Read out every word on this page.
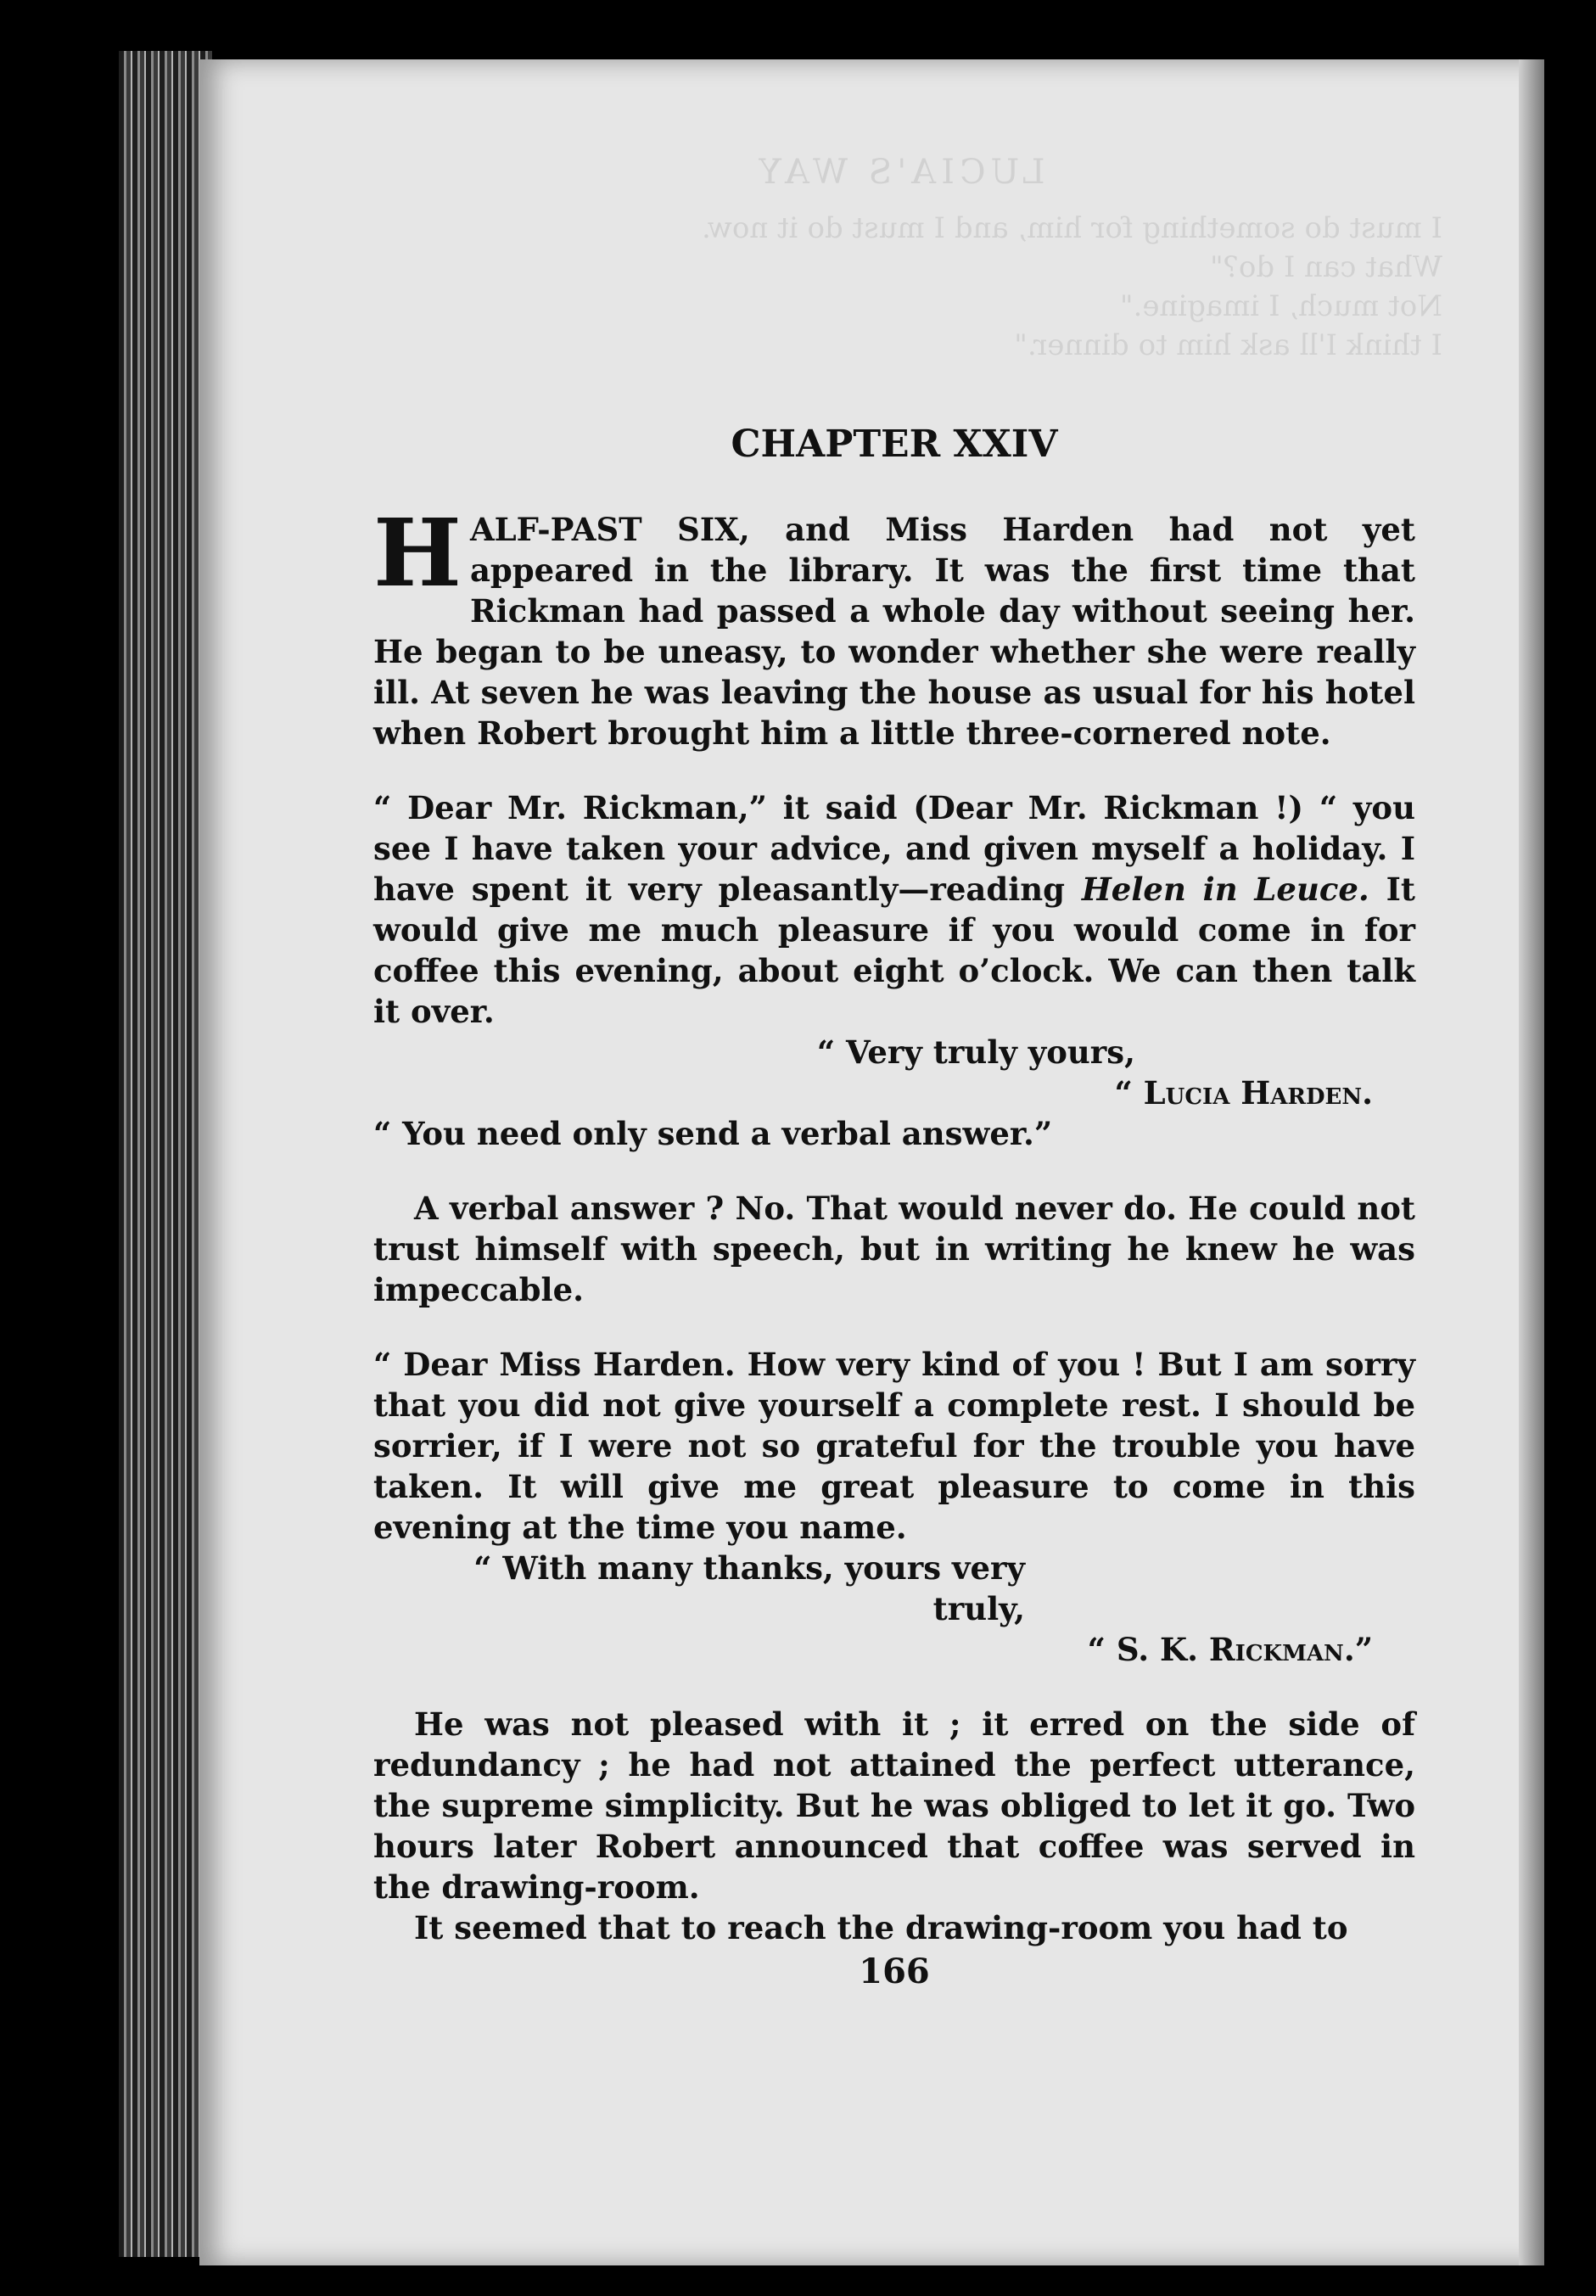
LUCIA'S WAY
I must do something for him, and I must do it now.
What can I do?"
Not much, I imagine."
I think I'll ask him to dinner."
CHAPTER XXIV

HALF-PAST SIX, and Miss Harden had not yet appeared in the library. It was the first time that Rickman had passed a whole day without seeing her. He began to be uneasy, to wonder whether she were really ill. At seven he was leaving the house as usual for his hotel when Robert brought him a little three-cornered note.

“ Dear Mr. Rickman,” it said (Dear Mr. Rickman !) “ you see I have taken your advice, and given myself a holiday. I have spent it very pleasantly—reading Helen in Leuce. It would give me much pleasure if you would come in for coffee this evening, about eight o’clock. We can then talk it over.

“ Very truly yours,
“ Lucia Harden.
“ You need only send a verbal answer.”

A verbal answer ? No. That would never do. He could not trust himself with speech, but in writing he knew he was impeccable.

“ Dear Miss Harden. How very kind of you ! But I am sorry that you did not give yourself a complete rest. I should be sorrier, if I were not so grateful for the trouble you have taken. It will give me great pleasure to come in this evening at the time you name.

“ With many thanks, yours very truly,
“ S. K. Rickman.”

He was not pleased with it ; it erred on the side of redundancy ; he had not attained the perfect utterance, the supreme simplicity. But he was obliged to let it go. Two hours later Robert announced that coffee was served in the drawing-room.

It seemed that to reach the drawing-room you had to

166
